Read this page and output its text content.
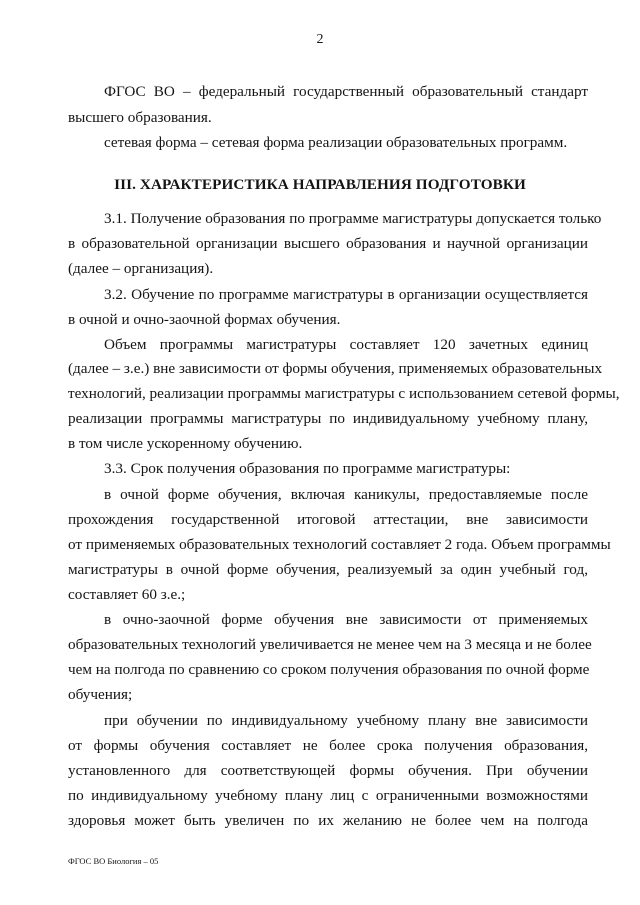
2

ФГОС ВО – федеральный государственный образовательный стандарт

высшего образования.

сетевая форма – сетевая форма реализации образовательных программ.

III. ХАРАКТЕРИСТИКА НАПРАВЛЕНИЯ ПОДГОТОВКИ

3.1. Получение образования по программе магистратуры допускается только

в образовательной организации высшего образования и научной организации

(далее – организация).

3.2. Обучение по программе магистратуры в организации осуществляется

в очной и очно-заочной формах обучения.

Объем программы магистратуры составляет 120 зачетных единиц

(далее – з.е.) вне зависимости от формы обучения, применяемых образовательных

технологий, реализации программы магистратуры с использованием сетевой формы,

реализации программы магистратуры по индивидуальному учебному плану,

в том числе ускоренному обучению.

3.3. Срок получения образования по программе магистратуры:

в очной форме обучения, включая каникулы, предоставляемые после

прохождения государственной итоговой аттестации, вне зависимости

от применяемых образовательных технологий составляет 2 года. Объем программы

магистратуры в очной форме обучения, реализуемый за один учебный год,

составляет 60 з.е.;

в очно-заочной форме обучения вне зависимости от применяемых

образовательных технологий увеличивается не менее чем на 3 месяца и не более

чем на полгода по сравнению со сроком получения образования по очной форме

обучения;

при обучении по индивидуальному учебному плану вне зависимости

от формы обучения составляет не более срока получения образования,

установленного для соответствующей формы обучения. При обучении

по индивидуальному учебному плану лиц с ограниченными возможностями

здоровья может быть увеличен по их желанию не более чем на полгода

ФГОС ВО Биология – 05
